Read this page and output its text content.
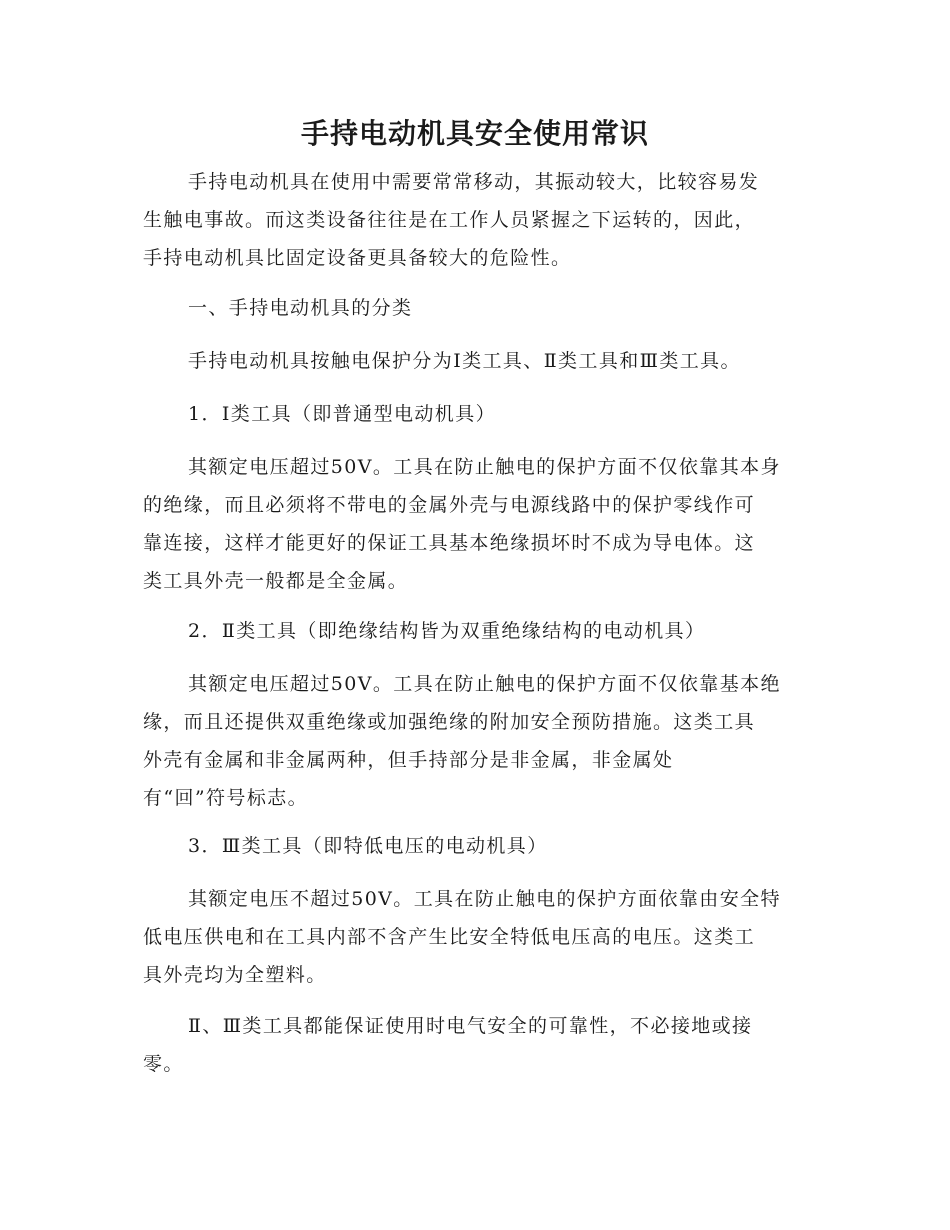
手持电动机具安全使用常识

手持电动机具在使用中需要常常移动，其振动较大，比较容易发
生触电事故。而这类设备往往是在工作人员紧握之下运转的，因此，
手持电动机具比固定设备更具备较大的危险性。

一、手持电动机具的分类

手持电动机具按触电保护分为Ⅰ类工具、Ⅱ类工具和Ⅲ类工具。

1．Ⅰ类工具（即普通型电动机具）

其额定电压超过50V。工具在防止触电的保护方面不仅依靠其本身
的绝缘，而且必须将不带电的金属外壳与电源线路中的保护零线作可
靠连接，这样才能更好的保证工具基本绝缘损坏时不成为导电体。这
类工具外壳一般都是全金属。

2．Ⅱ类工具（即绝缘结构皆为双重绝缘结构的电动机具）

其额定电压超过50V。工具在防止触电的保护方面不仅依靠基本绝
缘，而且还提供双重绝缘或加强绝缘的附加安全预防措施。这类工具
外壳有金属和非金属两种，但手持部分是非金属，非金属处
有“回”符号标志。

3．Ⅲ类工具（即特低电压的电动机具）

其额定电压不超过50V。工具在防止触电的保护方面依靠由安全特
低电压供电和在工具内部不含产生比安全特低电压高的电压。这类工
具外壳均为全塑料。

Ⅱ、Ⅲ类工具都能保证使用时电气安全的可靠性，不必接地或接
零。
